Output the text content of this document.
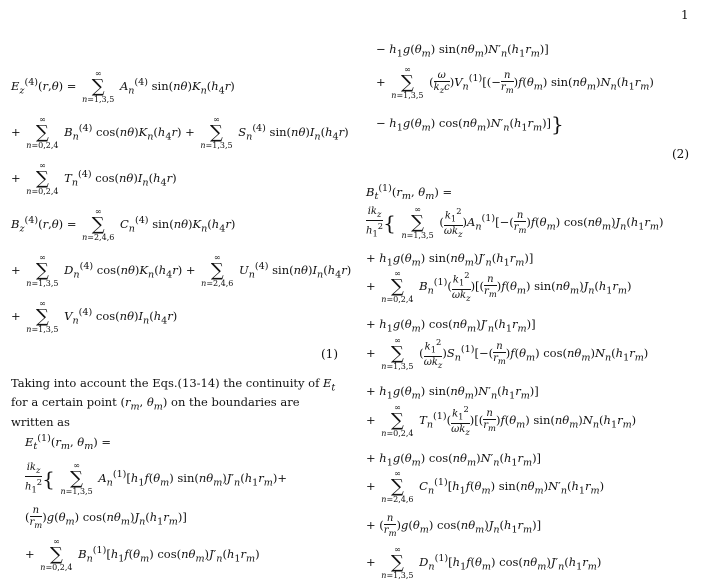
1
$E_z^{(4)}(r,\theta)$ =
∞
∑
n=1,3,5
$A_n^{(4)}$ $\sin(n\theta)K_n(h_4r)$
+
∞
∑
n=0,2,4
$B_n^{(4)}$ $\cos(n\theta)K_n(h_4r)$ +
∞
∑
n=1,3,5
$S_n^{(4)}$ $\sin(n\theta)I_n(h_4r)$
+
∞
∑
n=0,2,4
$T_n^{(4)}$ $\cos(n\theta)I_n(h_4r)$
$B_z^{(4)}(r,\theta)$ =
∞
∑
n=2,4,6
$C_n^{(4)}$ $\sin(n\theta)K_n(h_4r)$
+
∞
∑
n=1,3,5
$D_n^{(4)}$ $\cos(n\theta)K_n(h_4r)$ +
∞
∑
n=2,4,6
$U_n^{(4)}$ $\sin(n\theta)I_n(h_4r)$
+
∞
∑
n=1,3,5
$V_n^{(4)}$ $\cos(n\theta)I_n(h_4r)$
(1)
Taking into account the Eqs.(13-14) the continuity of $E_t$ for a certain point ($r_m$, $\theta_m$) on the boundaries are written as
$E_t^{(1)}(r_m$, $\theta_m$) =
$\frac{ik_z}{h_1^2}$ {
∞
∑
n=1,3,5
$A_n^{(1)}[h_1f(\theta_m)$ $\sin(n\theta_m)J'_n(h_1r_m)+$
( $\frac{n}{r_m} )g(\theta_m)$ $\cos(n\theta_m)J_n(h_1r_m)$]
+
∞
∑
n=0,2,4
$B_n^{(1)}[h_1f(\theta_m)$ $\cos(n\theta_m)J'_n(h_1r_m)$
− $h_1g(\theta_m)$ $\sin(n\theta_m)N'_n(h_1r_m)$]
+
∞
∑
n=1,3,5
( $\frac{\omega}{k_zc} )V_n^{(1)}[(- \frac{n}{r_m} )f(\theta_m)$ $\sin(n\theta_m)N_n(h_1r_m)$
− $h_1g(\theta_m)$ $\cos(n\theta_m)N'_n(h_1r_m)$]}
(2)
$B_t^{(1)}(r_m$, $\theta_m$) =
$\frac{ik_z}{h_1^2}$ {
∞
∑
n=1,3,5
( $\frac{k_1^2}{\omega k_z} )A_n^{(1)}[-( \frac{n}{r_m} )f(\theta_m)$ $\cos(n\theta_m)J_n(h_1r_m)$
+ $h_1g(\theta_m)$ $\sin(n\theta_m)J'_n(h_1r_m)$]
+
∞
∑
n=0,2,4
$B_n^{(1)}( \frac{k_1^2}{\omega k_z}$ )[( $\frac{n}{r_m} )f(\theta_m)$ $\sin(n\theta_m)J_n(h_1r_m)$
+ $h_1g(\theta_m)$ $\cos(n\theta_m)J'_n(h_1r_m)$]
+
∞
∑
n=1,3,5
( $\frac{k_1^2}{\omega k_z} )S_n^{(1)}[-( \frac{n}{r_m} )f(\theta_m)$ $\cos(n\theta_m)N_n(h_1r_m)$
+ $h_1g(\theta_m)$ $\sin(n\theta_m)N'_n(h_1r_m)$]
+
∞
∑
n=0,2,4
$T_n^{(1)}( \frac{k_1^2}{\omega k_z}$ )[( $\frac{n}{r_m} )f(\theta_m)$ $\sin(n\theta_m)N_n(h_1r_m)$
+ $h_1g(\theta_m)$ $\cos(n\theta_m)N'_n(h_1r_m)$]
+
∞
∑
n=2,4,6
$C_n^{(1)}[h_1f(\theta_m)$ $\sin(n\theta_m)N'_n(h_1r_m)$
+ ( $\frac{n}{r_m} )g(\theta_m)$ $\cos(n\theta_m)J_n(h_1r_m)$]
+
∞
∑
n=1,3,5
$D_n^{(1)}[h_1f(\theta_m)$ $\cos(n\theta_m)J'_n(h_1r_m)$
